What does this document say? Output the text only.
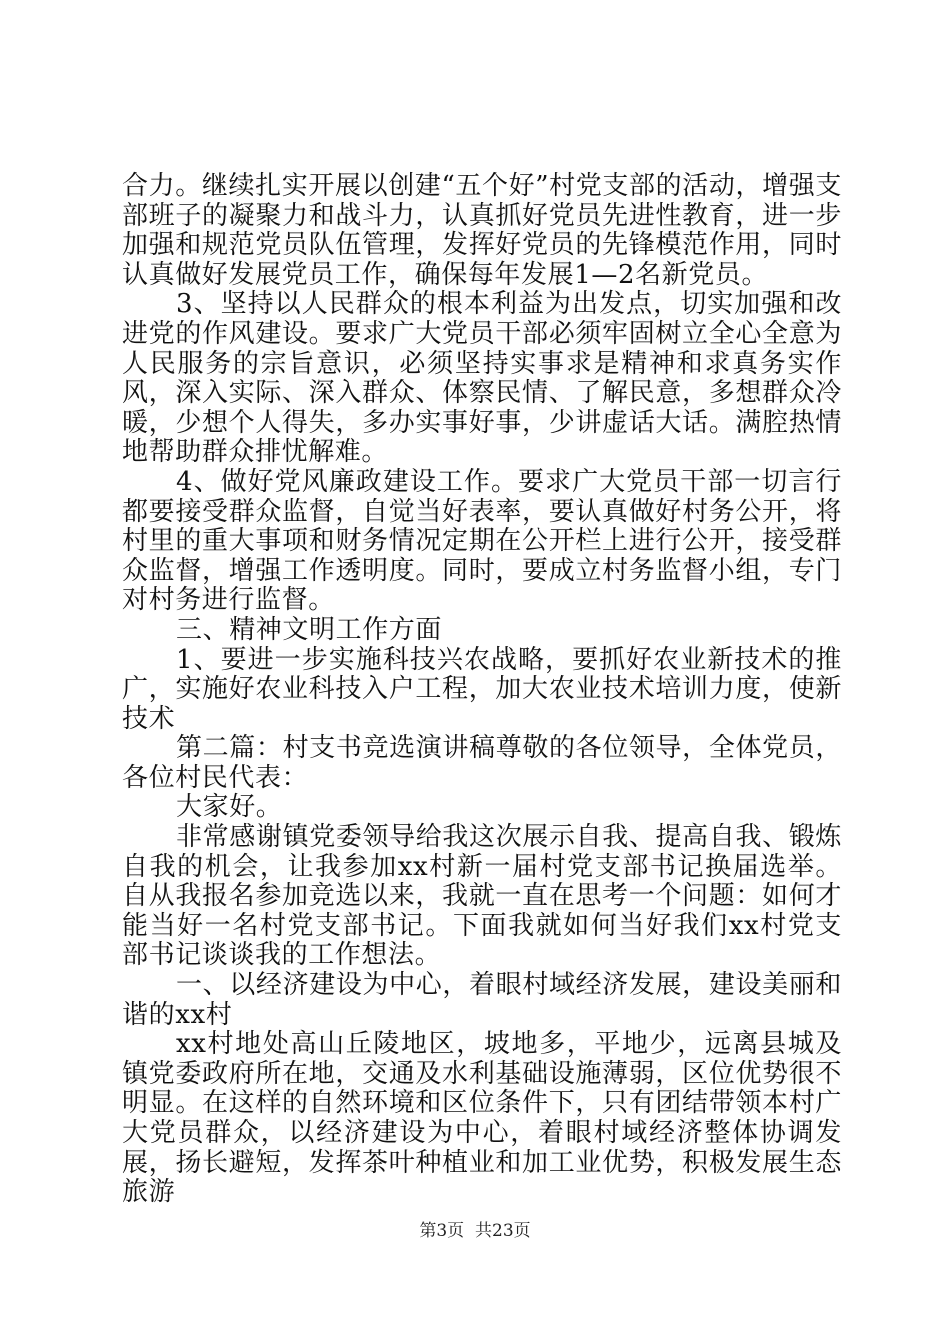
合力。继续扎实开展以创建“五个好”村党支部的活动，增强支部班子的凝聚力和战斗力，认真抓好党员先进性教育，进一步加强和规范党员队伍管理，发挥好党员的先锋模范作用，同时认真做好发展党员工作，确保每年发展1—2名新党员。

3、坚持以人民群众的根本利益为出发点，切实加强和改进党的作风建设。要求广大党员干部必须牢固树立全心全意为人民服务的宗旨意识，必须坚持实事求是精神和求真务实作风，深入实际、深入群众、体察民情、了解民意，多想群众冷暖，少想个人得失，多办实事好事，少讲虚话大话。满腔热情地帮助群众排忧解难。

4、做好党风廉政建设工作。要求广大党员干部一切言行都要接受群众监督，自觉当好表率，要认真做好村务公开，将村里的重大事项和财务情况定期在公开栏上进行公开，接受群众监督，增强工作透明度。同时，要成立村务监督小组，专门对村务进行监督。

三、精神文明工作方面

1、要进一步实施科技兴农战略，要抓好农业新技术的推广，实施好农业科技入户工程，加大农业技术培训力度，使新技术

第二篇：村支书竞选演讲稿尊敬的各位领导，全体党员，各位村民代表：

大家好。

非常感谢镇党委领导给我这次展示自我、提高自我、锻炼自我的机会，让我参加xx村新一届村党支部书记换届选举。自从我报名参加竞选以来，我就一直在思考一个问题：如何才能当好一名村党支部书记。下面我就如何当好我们xx村党支部书记谈谈我的工作想法。

一、以经济建设为中心，着眼村域经济发展，建设美丽和谐的xx村

xx村地处高山丘陵地区，坡地多，平地少，远离县城及镇党委政府所在地，交通及水利基础设施薄弱，区位优势很不明显。在这样的自然环境和区位条件下，只有团结带领本村广大党员群众，以经济建设为中心，着眼村域经济整体协调发展，扬长避短，发挥茶叶种植业和加工业优势，积极发展生态旅游

第3页 共23页
